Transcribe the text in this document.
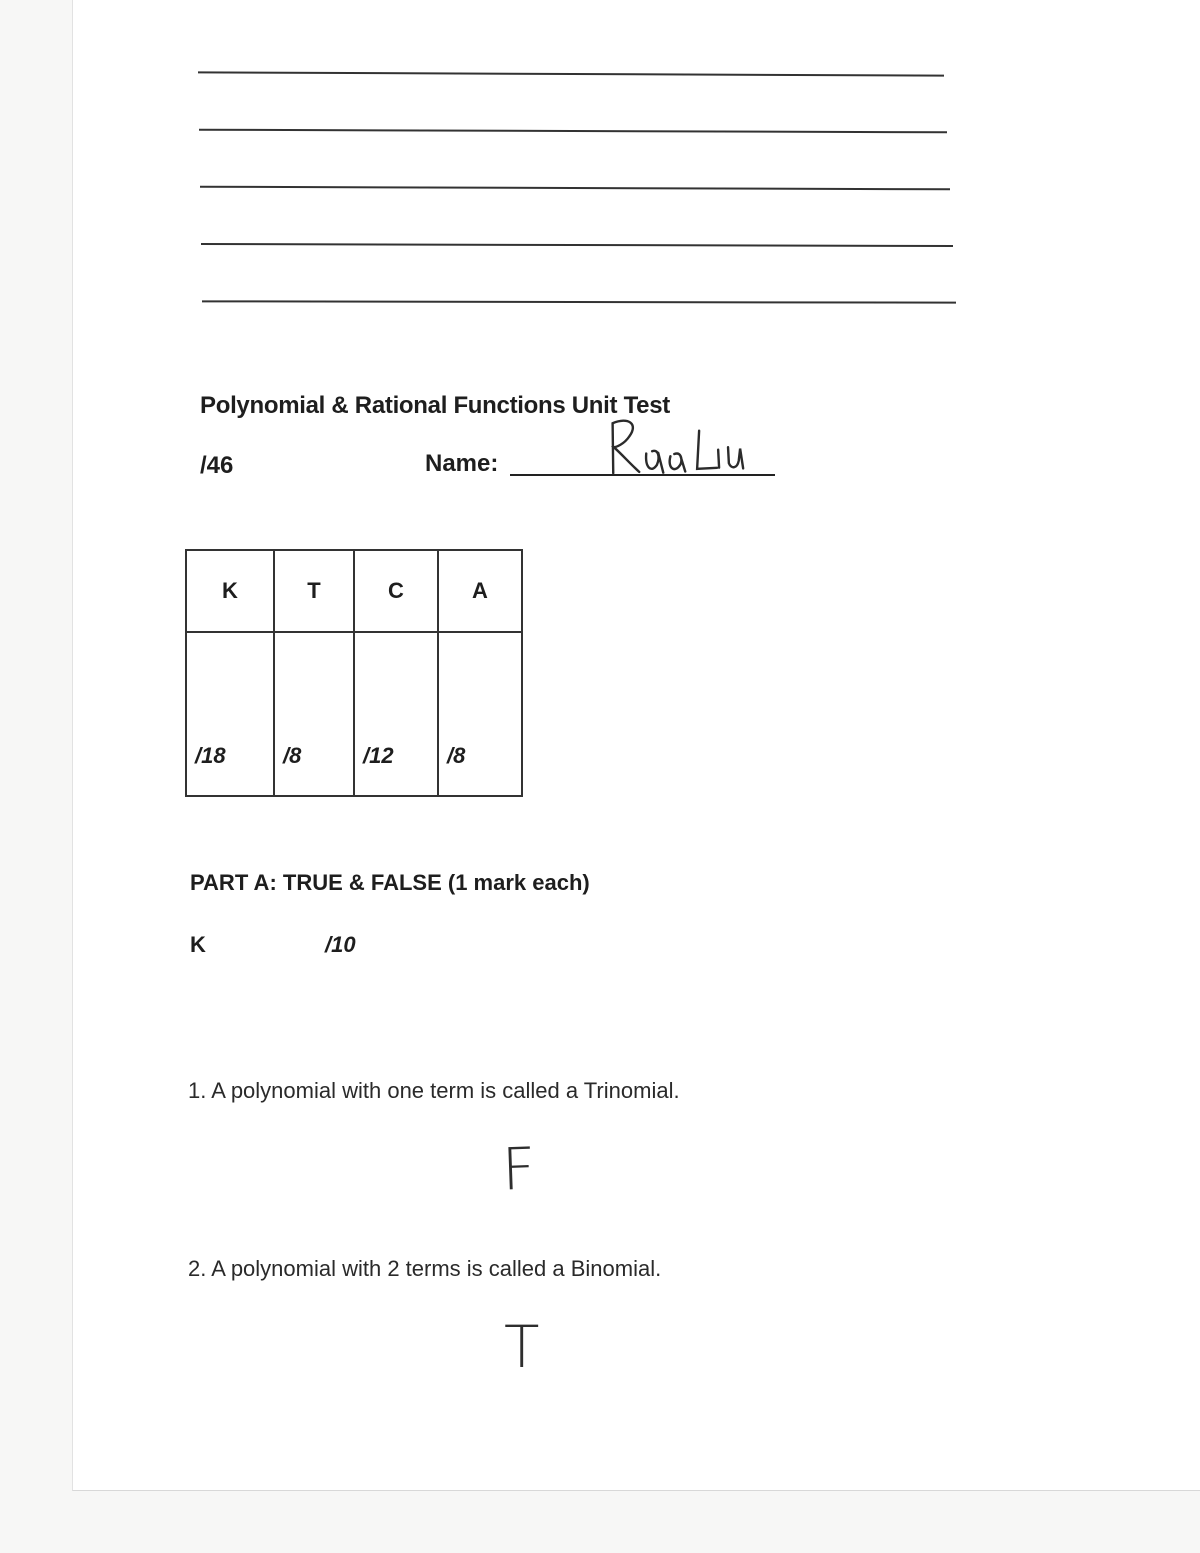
Polynomial & Rational Functions Unit Test
/46	Name:
K	T	C	A
/18	/8	/12	/8
PART A: TRUE & FALSE (1 mark each)
K	/10
1. A polynomial with one term is called a Trinomial.
F
2. A polynomial with 2 terms is called a Binomial.
T
